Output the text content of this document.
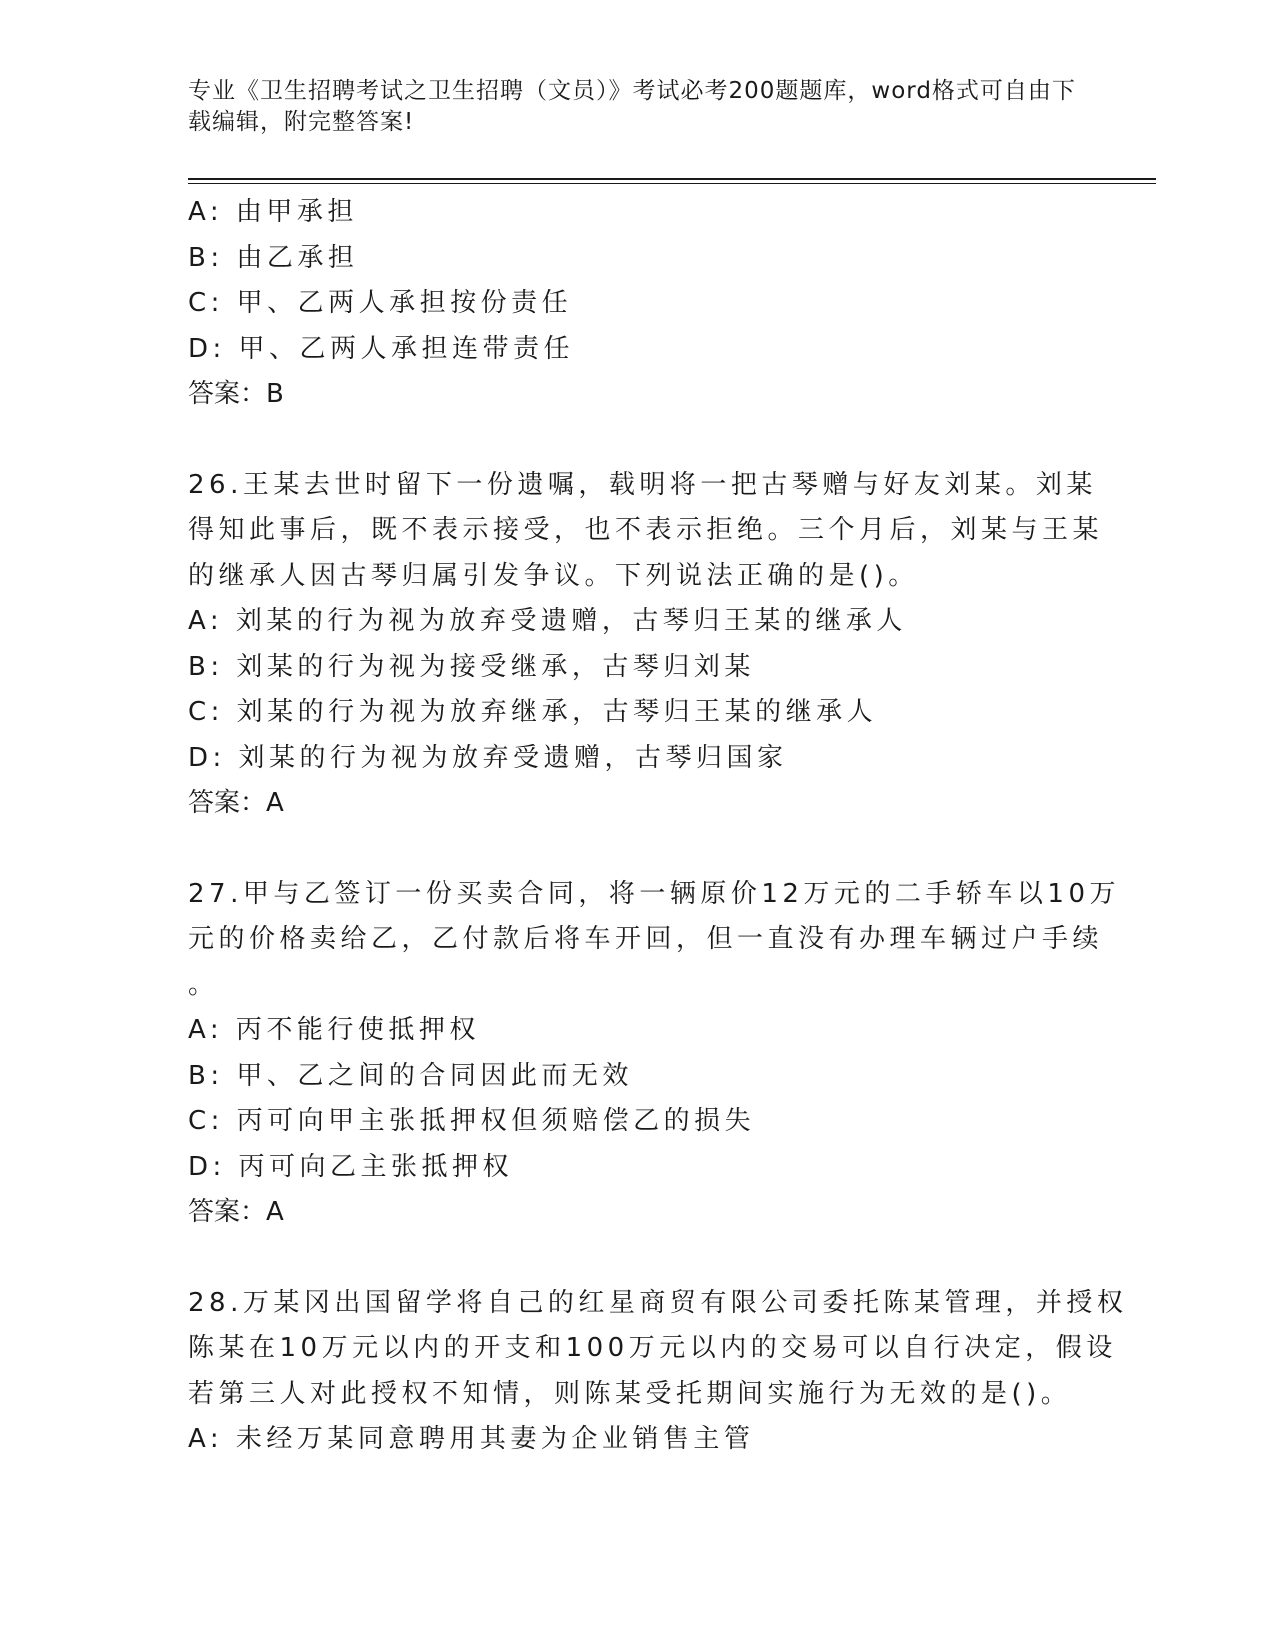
专业《卫生招聘考试之卫生招聘（文员）》考试必考200题题库，word格式可自由下载编辑，附完整答案!
A: 由甲承担
B: 由乙承担
C: 甲、乙两人承担按份责任
D: 甲、乙两人承担连带责任
答案：B
26.王某去世时留下一份遗嘱，载明将一把古琴赠与好友刘某。刘某得知此事后，既不表示接受，也不表示拒绝。三个月后，刘某与王某的继承人因古琴归属引发争议。下列说法正确的是()。
A: 刘某的行为视为放弃受遗赠，古琴归王某的继承人
B: 刘某的行为视为接受继承，古琴归刘某
C: 刘某的行为视为放弃继承，古琴归王某的继承人
D: 刘某的行为视为放弃受遗赠，古琴归国家
答案：A
27.甲与乙签订一份买卖合同，将一辆原价12万元的二手轿车以10万
元的价格卖给乙，乙付款后将车开回，但一直没有办理车辆过户手续
。
A: 丙不能行使抵押权
B: 甲、乙之间的合同因此而无效
C: 丙可向甲主张抵押权但须赔偿乙的损失
D: 丙可向乙主张抵押权
答案：A
28.万某冈出国留学将自己的红星商贸有限公司委托陈某管理，并授权
陈某在10万元以内的开支和100万元以内的交易可以自行决定，假设
若第三人对此授权不知情，则陈某受托期间实施行为无效的是()。
A: 未经万某同意聘用其妻为企业销售主管
